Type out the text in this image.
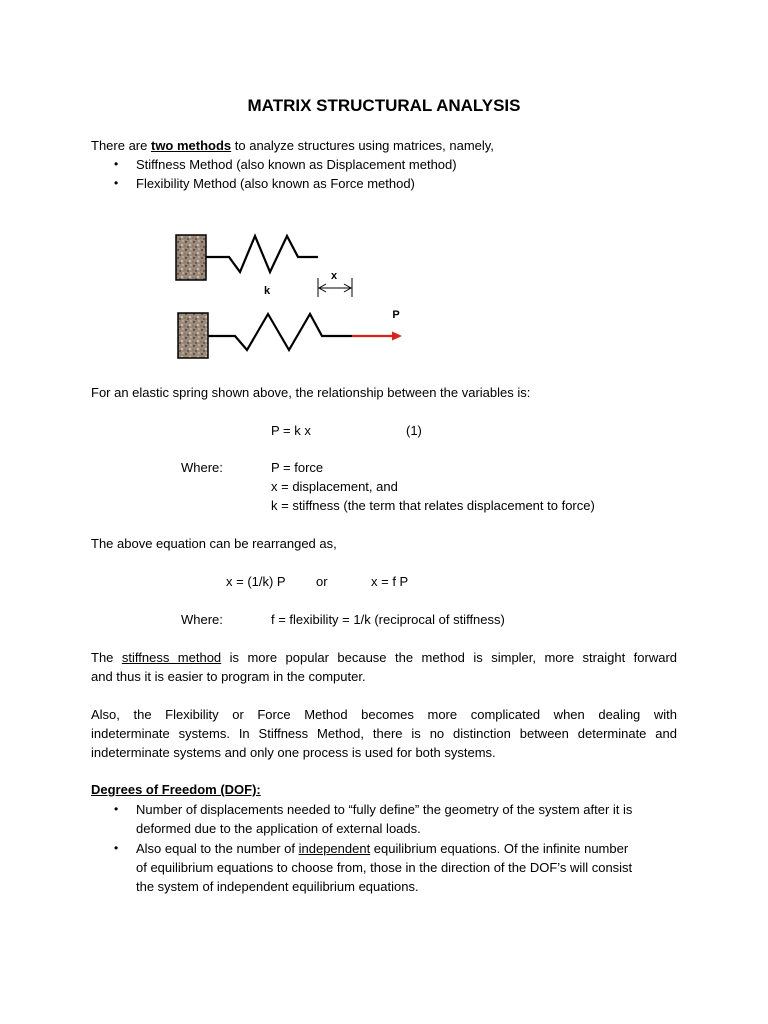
MATRIX STRUCTURAL ANALYSIS
There are two methods to analyze structures using matrices, namely,
• Stiffness Method (also known as Displacement method)
• Flexibility Method (also known as Force method)
x
k
P
For an elastic spring shown above, the relationship between the variables is:
P = k x	(1)
Where:	P = force
x = displacement, and
k = stiffness (the term that relates displacement to force)
The above equation can be rearranged as,
x = (1/k) P or	x = f P
Where:	f = flexibility = 1/k (reciprocal of stiffness)
The stiffness method is more popular because the method is simpler, more straight forward
and thus it is easier to program in the computer.
Also, the Flexibility or Force Method becomes more complicated when dealing with
indeterminate systems. In Stiffness Method, there is no distinction between determinate and
indeterminate systems and only one process is used for both systems.
Degrees of Freedom (DOF):
• Number of displacements needed to “fully define” the geometry of the system after it is
deformed due to the application of external loads.
• Also equal to the number of independent equilibrium equations. Of the infinite number
of equilibrium equations to choose from, those in the direction of the DOF’s will consist
the system of independent equilibrium equations.
